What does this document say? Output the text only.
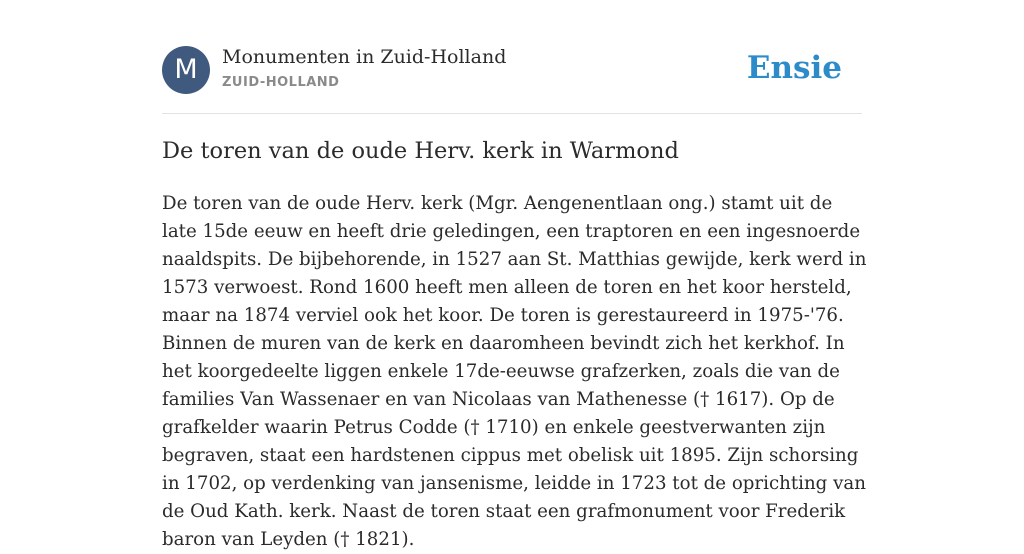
M	Monumenten in Zuid-Holland
ZUID-HOLLAND	Ensie
De toren van de oude Herv. kerk in Warmond

De toren van de oude Herv. kerk (Mgr. Aengenentlaan ong.) stamt uit de late 15de eeuw en heeft drie geledingen, een traptoren en een ingesnoerde naaldspits. De bijbehorende, in 1527 aan St. Matthias gewijde, kerk werd in 1573 verwoest. Rond 1600 heeft men alleen de toren en het koor hersteld, maar na 1874 verviel ook het koor. De toren is gerestaureerd in 1975-'76. Binnen de muren van de kerk en daaromheen bevindt zich het kerkhof. In het koorgedeelte liggen enkele 17de-eeuwse grafzerken, zoals die van de families Van Wassenaer en van Nicolaas van Mathenesse († 1617). Op de grafkelder waarin Petrus Codde († 1710) en enkele geestverwanten zijn begraven, staat een hardstenen cippus met obelisk uit 1895. Zijn schorsing in 1702, op verdenking van jansenisme, leidde in 1723 tot de oprichting van de Oud Kath. kerk. Naast de toren staat een grafmonument voor Frederik baron van Leyden († 1821).
